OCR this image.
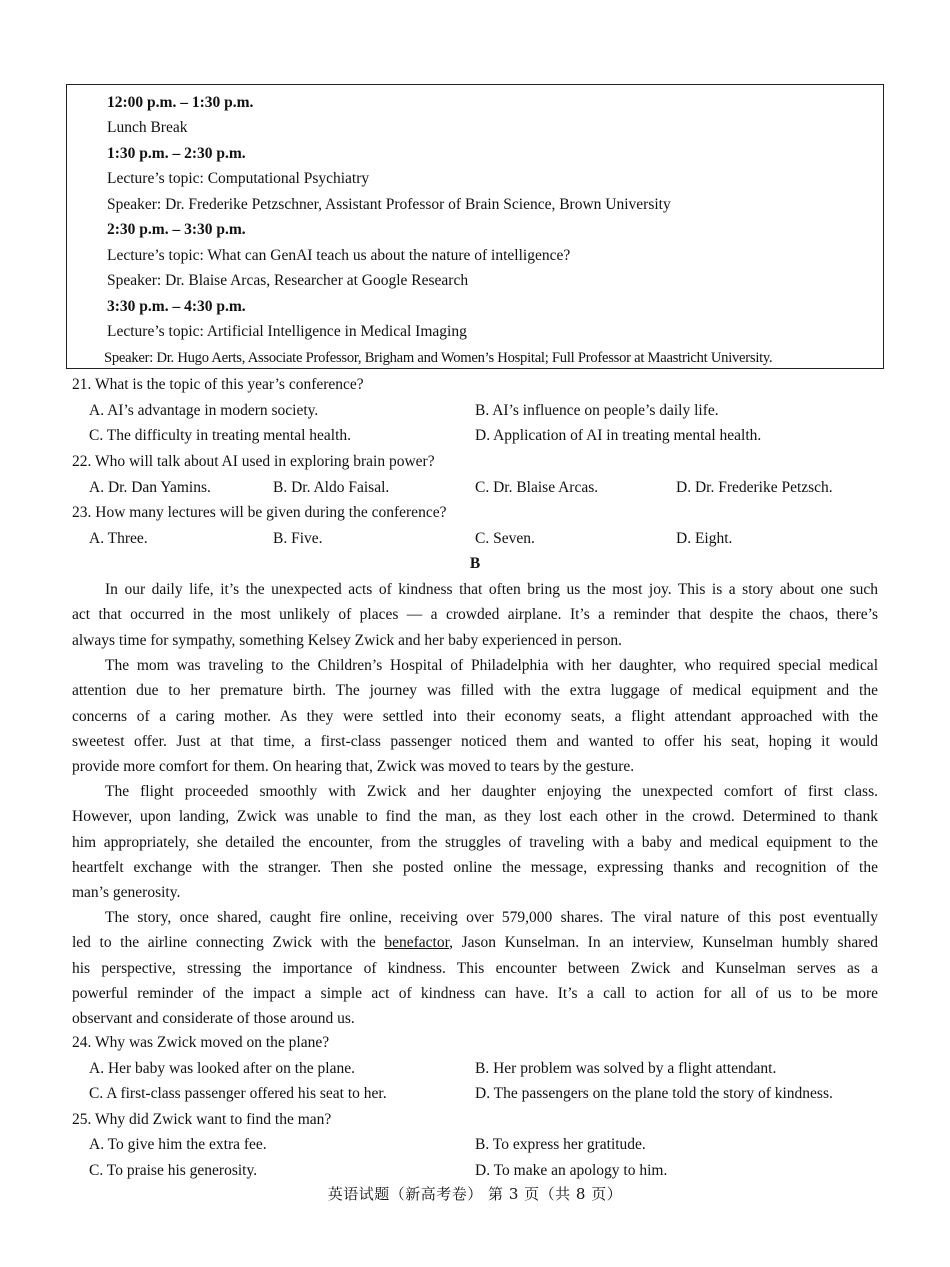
12:00 p.m. – 1:30 p.m.
Lunch Break
1:30 p.m. – 2:30 p.m.
Lecture’s topic: Computational Psychiatry
Speaker: Dr. Frederike Petzschner, Assistant Professor of Brain Science, Brown University
2:30 p.m. – 3:30 p.m.
Lecture’s topic: What can GenAI teach us about the nature of intelligence?
Speaker: Dr. Blaise Arcas, Researcher at Google Research
3:30 p.m. – 4:30 p.m.
Lecture’s topic: Artificial Intelligence in Medical Imaging
Speaker: Dr. Hugo Aerts, Associate Professor, Brigham and Women’s Hospital; Full Professor at Maastricht University.
21. What is the topic of this year’s conference?
A. AI’s advantage in modern society.	B. AI’s influence on people’s daily life.
C. The difficulty in treating mental health.	D. Application of AI in treating mental health.
22. Who will talk about AI used in exploring brain power?
A. Dr. Dan Yamins.	B. Dr. Aldo Faisal.	C. Dr. Blaise Arcas.	D. Dr. Frederike Petzsch.
23. How many lectures will be given during the conference?
A. Three.	B. Five.	C. Seven.	D. Eight.
B
In our daily life, it’s the unexpected acts of kindness that often bring us the most joy. This is a story about one such
act that occurred in the most unlikely of places — a crowded airplane. It’s a reminder that despite the chaos, there’s
always time for sympathy, something Kelsey Zwick and her baby experienced in person.
The mom was traveling to the Children’s Hospital of Philadelphia with her daughter, who required special medical
attention due to her premature birth. The journey was filled with the extra luggage of medical equipment and the
concerns of a caring mother. As they were settled into their economy seats, a flight attendant approached with the
sweetest offer. Just at that time, a first-class passenger noticed them and wanted to offer his seat, hoping it would
provide more comfort for them. On hearing that, Zwick was moved to tears by the gesture.
The flight proceeded smoothly with Zwick and her daughter enjoying the unexpected comfort of first class.
However, upon landing, Zwick was unable to find the man, as they lost each other in the crowd. Determined to thank
him appropriately, she detailed the encounter, from the struggles of traveling with a baby and medical equipment to the
heartfelt exchange with the stranger. Then she posted online the message, expressing thanks and recognition of the
man’s generosity.
The story, once shared, caught fire online, receiving over 579,000 shares. The viral nature of this post eventually
led to the airline connecting Zwick with the benefactor, Jason Kunselman. In an interview, Kunselman humbly shared
his perspective, stressing the importance of kindness. This encounter between Zwick and Kunselman serves as a
powerful reminder of the impact a simple act of kindness can have. It’s a call to action for all of us to be more
observant and considerate of those around us.
24. Why was Zwick moved on the plane?
A. Her baby was looked after on the plane.	B. Her problem was solved by a flight attendant.
C. A first-class passenger offered his seat to her.	D. The passengers on the plane told the story of kindness.
25. Why did Zwick want to find the man?
A. To give him the extra fee.	B. To express her gratitude.
C. To praise his generosity.	D. To make an apology to him.
英语试题（新高考卷） 第 3 页（共 8 页）
